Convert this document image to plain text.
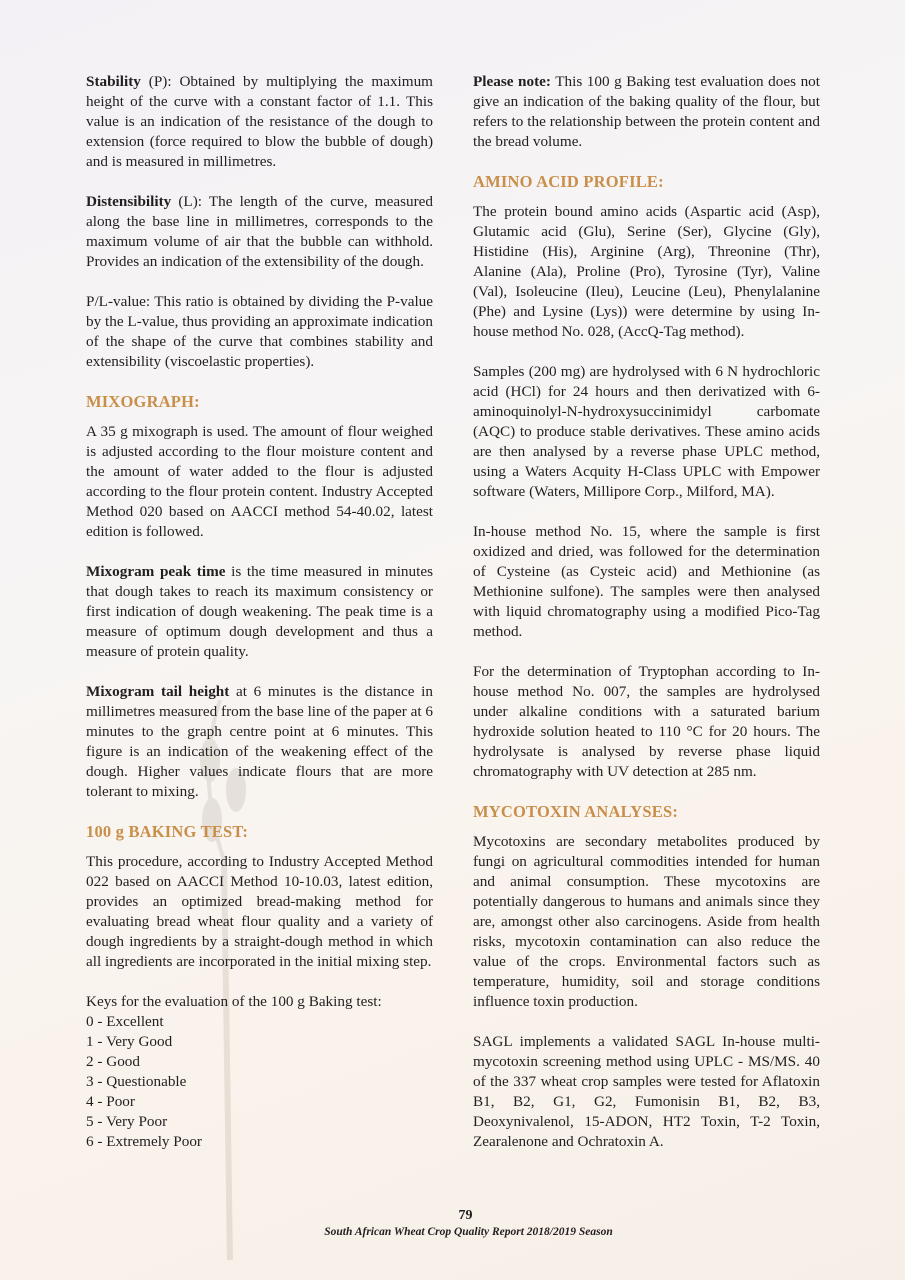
Stability (P): Obtained by multiplying the maximum height of the curve with a constant factor of 1.1. This value is an indication of the resistance of the dough to extension (force required to blow the bubble of dough) and is measured in millimetres.

Distensibility (L): The length of the curve, measured along the base line in millimetres, corresponds to the maximum volume of air that the bubble can withhold. Provides an indication of the extensibility of the dough.

P/L-value: This ratio is obtained by dividing the P-value by the L-value, thus providing an approximate indication of the shape of the curve that combines stability and extensibility (viscoelastic properties).

MIXOGRAPH:

A 35 g mixograph is used. The amount of flour weighed is adjusted according to the flour moisture content and the amount of water added to the flour is adjusted according to the flour protein content. Industry Accepted Method 020 based on AACCI method 54-40.02, latest edition is followed.

Mixogram peak time is the time measured in minutes that dough takes to reach its maximum consistency or first indication of dough weakening. The peak time is a measure of optimum dough development and thus a measure of protein quality.

Mixogram tail height at 6 minutes is the distance in millimetres measured from the base line of the paper at 6 minutes to the graph centre point at 6 minutes. This figure is an indication of the weakening effect of the dough. Higher values indicate flours that are more tolerant to mixing.

100 g BAKING TEST:

This procedure, according to Industry Accepted Method 022 based on AACCI Method 10-10.03, latest edition, provides an optimized bread-making method for evaluating bread wheat flour quality and a variety of dough ingredients by a straight-dough method in which all ingredients are incorporated in the initial mixing step.

Keys for the evaluation of the 100 g Baking test:

0 - Excellent
1 - Very Good
2 - Good
3 - Questionable
4 - Poor
5 - Very Poor
6 - Extremely Poor

Please note: This 100 g Baking test evaluation does not give an indication of the baking quality of the flour, but refers to the relationship between the protein content and the bread volume.

AMINO ACID PROFILE:

The protein bound amino acids (Aspartic acid (Asp), Glutamic acid (Glu), Serine (Ser), Glycine (Gly), Histidine (His), Arginine (Arg), Threonine (Thr), Alanine (Ala), Proline (Pro), Tyrosine (Tyr), Valine (Val), Isoleucine (Ileu), Leucine (Leu), Phenylalanine (Phe) and Lysine (Lys)) were determine by using In-house method No. 028, (AccQ-Tag method).

Samples (200 mg) are hydrolysed with 6 N hydrochloric acid (HCl) for 24 hours and then derivatized with 6-aminoquinolyl-N-hydroxysuccinimidyl carbomate (AQC) to produce stable derivatives. These amino acids are then analysed by a reverse phase UPLC method, using a Waters Acquity H-Class UPLC with Empower software (Waters, Millipore Corp., Milford, MA).

In-house method No. 15, where the sample is first oxidized and dried, was followed for the determination of Cysteine (as Cysteic acid) and Methionine (as Methionine sulfone). The samples were then analysed with liquid chromatography using a modified Pico-Tag method.

For the determination of Tryptophan according to In-house method No. 007, the samples are hydrolysed under alkaline conditions with a saturated barium hydroxide solution heated to 110 °C for 20 hours. The hydrolysate is analysed by reverse phase liquid chromatography with UV detection at 285 nm.

MYCOTOXIN ANALYSES:

Mycotoxins are secondary metabolites produced by fungi on agricultural commodities intended for human and animal consumption. These mycotoxins are potentially dangerous to humans and animals since they are, amongst other also carcinogens. Aside from health risks, mycotoxin contamination can also reduce the value of the crops. Environmental factors such as temperature, humidity, soil and storage conditions influence toxin production.

SAGL implements a validated SAGL In-house multi-mycotoxin screening method using UPLC - MS/MS. 40 of the 337 wheat crop samples were tested for Aflatoxin B1, B2, G1, G2, Fumonisin B1, B2, B3, Deoxynivalenol, 15-ADON, HT2 Toxin, T-2 Toxin, Zearalenone and Ochratoxin A.

79
South African Wheat Crop Quality Report 2018/2019 Season
